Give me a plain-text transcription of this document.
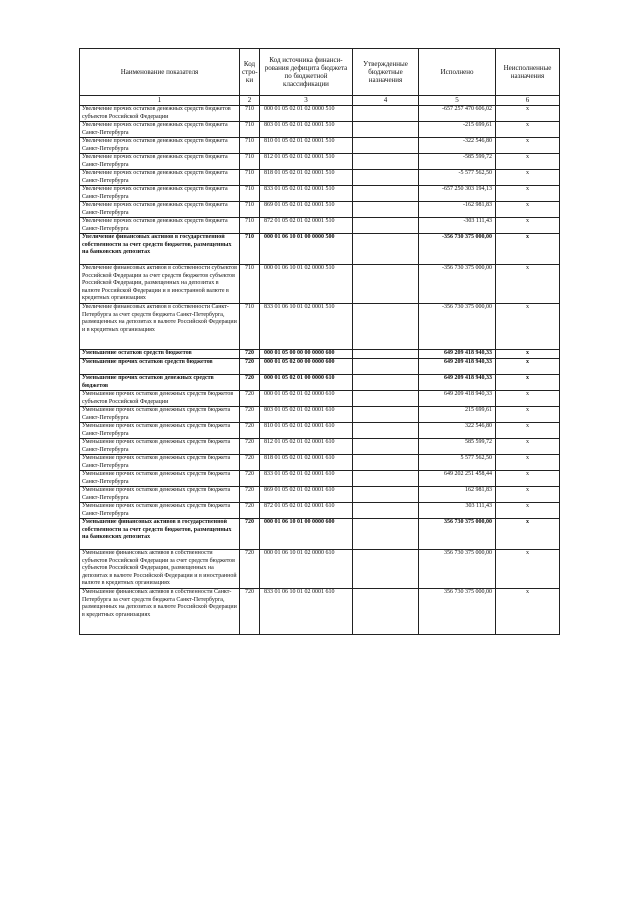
Наименование показателя	Код стро-ки	Код источника финанси-рования дефицита бюджета по бюджетной классификации	Утвержденные бюджетные назначения	Исполнено	Неисполненные назначения
1	2	3	4	5	6
Увеличение прочих остатков денежных средств бюджетов субъектов Российской Федерации	710	000 01 05 02 01 02 0000 510		-657 257 470 606,02	x
Увеличение прочих остатков денежных средств бюджета Санкт-Петербурга	710	803 01 05 02 01 02 0001 510		-215 699,61	x
Увеличение прочих остатков денежных средств бюджета Санкт-Петербурга	710	810 01 05 02 01 02 0001 510		-322 546,80	x
Увеличение прочих остатков денежных средств бюджета Санкт-Петербурга	710	812 01 05 02 01 02 0001 510		-585 599,72	x
Увеличение прочих остатков денежных средств бюджета Санкт-Петербурга	710	818 01 05 02 01 02 0001 510		-5 577 562,50	x
Увеличение прочих остатков денежных средств бюджета Санкт-Петербурга	710	833 01 05 02 01 02 0001 510		-657 250 303 194,13	x
Увеличение прочих остатков денежных средств бюджета Санкт-Петербурга	710	869 01 05 02 01 02 0001 510		-162 981,83	x
Увеличение прочих остатков денежных средств бюджета Санкт-Петербурга	710	872 01 05 02 01 02 0001 510		-303 111,43	x
Увеличение финансовых активов в государственной собственности за счет средств бюджетов, размещенных на банковских депозитах	710	000 01 06 10 01 00 0000 500		-356 730 375 000,00	x
Увеличение финансовых активов в собственности субъектов Российской Федерации за счет средств бюджетов субъектов Российской Федерации, размещенных на депозитах в валюте Российской Федерации и в иностранной валюте в кредитных организациях	710	000 01 06 10 01 02 0000 510		-356 730 375 000,00	x
Увеличение финансовых активов в собственности Санкт-Петербурга за счет средств бюджета Санкт-Петербурга, размещенных на депозитах в валюте Российской Федерации и в кредитных организациях	710	833 01 06 10 01 02 0001 510		-356 730 375 000,00	x
Уменьшение остатков средств бюджетов	720	000 01 05 00 00 00 0000 600		649 209 418 940,33	x
Уменьшение прочих остатков средств бюджетов	720	000 01 05 02 00 00 0000 600		649 209 418 940,33	x
Уменьшение прочих остатков денежных средств бюджетов	720	000 01 05 02 01 00 0000 610		649 209 418 940,33	x
Уменьшение прочих остатков денежных средств бюджетов субъектов Российской Федерации	720	000 01 05 02 01 02 0000 610		649 209 418 940,33	x
Уменьшение прочих остатков денежных средств бюджета Санкт-Петербурга	720	803 01 05 02 01 02 0001 610		215 699,61	x
Уменьшение прочих остатков денежных средств бюджета Санкт-Петербурга	720	810 01 05 02 01 02 0001 610		322 546,80	x
Уменьшение прочих остатков денежных средств бюджета Санкт-Петербурга	720	812 01 05 02 01 02 0001 610		585 599,72	x
Уменьшение прочих остатков денежных средств бюджета Санкт-Петербурга	720	818 01 05 02 01 02 0001 610		5 577 562,50	x
Уменьшение прочих остатков денежных средств бюджета Санкт-Петербурга	720	833 01 05 02 01 02 0001 610		649 202 251 458,44	x
Уменьшение прочих остатков денежных средств бюджета Санкт-Петербурга	720	869 01 05 02 01 02 0001 610		162 981,83	x
Уменьшение прочих остатков денежных средств бюджета Санкт-Петербурга	720	872 01 05 02 01 02 0001 610		303 111,43	x
Уменьшение финансовых активов в государственной собственности за счет средств бюджетов, размещенных на банковских депозитах	720	000 01 06 10 01 00 0000 600		356 730 375 000,00	x
Уменьшение финансовых активов в собственности субъектов Российской Федерации за счет средств бюджетов субъектов Российской Федерации, размещенных на депозитах в валюте Российской Федерации и в иностранной валюте в кредитных организациях	720	000 01 06 10 01 02 0000 610		356 730 375 000,00	x
Уменьшение финансовых активов в собственности Санкт-Петербурга за счет средств бюджета Санкт-Петербурга, размещенных на депозитах в валюте Российской Федерации в кредитных организациях	720	833 01 06 10 01 02 0001 610		356 730 375 000,00	x
